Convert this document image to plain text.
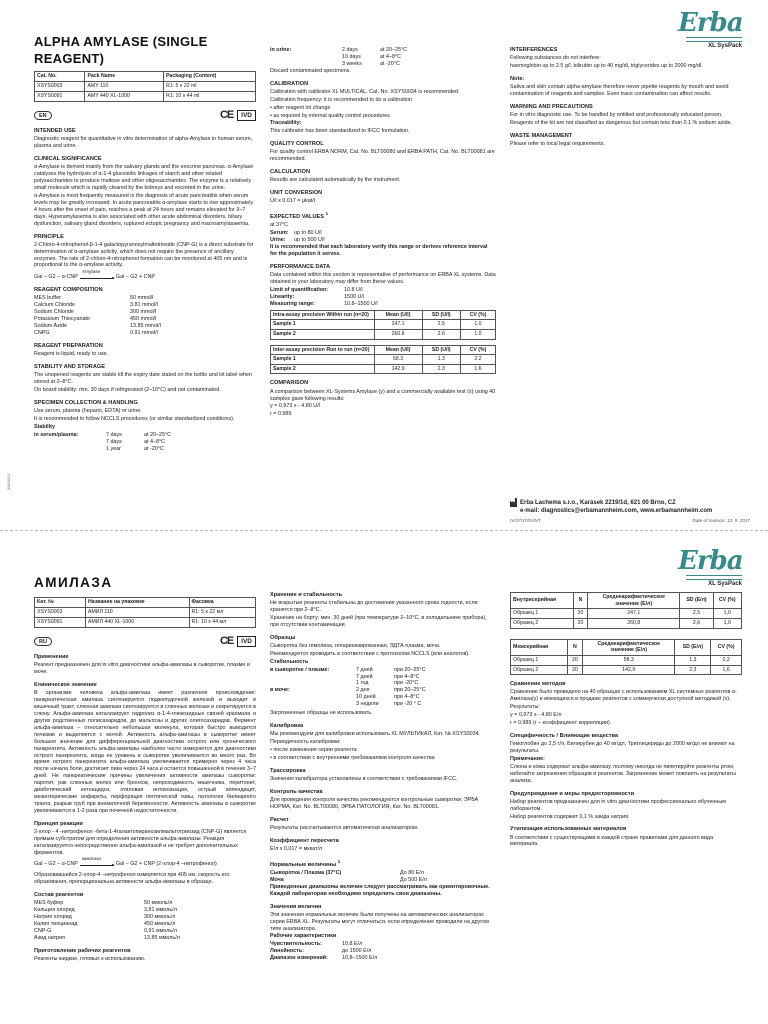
Erba
XL SysPack
ALPHA AMYLASE (SINGLE REAGENT)
Cat. No.	Pack Name	Packaging (Content)
XSYS0003	AMY 110	R1: 5 x 22 ml
XSYS0091	AMY 440 XL-1000	R1: 10 x 44 ml
EN	C E	IVD
INTENDED USE

Diagnostic reagent for quantitative in vitro determination of alpha-Amylase in human serum, plasma and urine.

CLINICAL SIGNIFICANCE

α-Amylase is derived mainly from the salivary glands and the exocrine pancreas. α-Amylase catalyses the hydrolysis of α-1-4 glucosidic linkages of starch and other related polysaccharides to produce maltose and other oligosaccharides. The enzyme is a relatively small molecule which is rapidly cleared by the kidneys and excreted in the urine.

α-Amylase is most frequently measured in the diagnosis of acute pancreatitis when serum levels may be greatly increased. In acute pancreatitis α-amylase starts to rise approximately 4 hours after the onset of pain, reaches a peak at 24 hours and remains elevated for 3–7 days. Hyperamylasemia is also associated with other acute abdominal disorders, biliary dysfunction, salivary gland disorders, ruptured ectopic pregnancy and macroamylasaemia.

PRINCIPLE

2-Chloro-4-nitrophenol-β-1-4 galactopyranosylmaltotrioside (CNP-G) is a direct substrate for determination of α-amylase activity, which does not require the presence of ancillary enzymes. The rate of 2-chloro-4-nitrophenol formation can be monitored at 405 nm and is proportional to the α-amylase activity.

Gal – G2 – α-CNP
Amylase
Gal – G2 + CNP
REAGENT COMPOSITION
MES buffer	50 mmol/l
Calcium Chloride	3.81 mmol/l
Sodium Chloride	300 mmol/l
Potassium Thiocyanate	450 mmol/l
Sodium Azide	13.85 mmol/l
CNPG	0.91 mmol/l
REAGENT PREPARATION

Reagent is liquid, ready to use.

STABILITY AND STORAGE

The unopened reagents are stable till the expiry date stated on the bottle and kit label when stored at 2–8°C.

On board stability: min. 30 days if refrigerated (2–10°C) and not contaminated.

SPECIMEN COLLECTION & HANDLING

Use serum, plasma (heparin, EDTA) or urine.

It is recommended to follow NCCLS procedures (or similar standardized conditions).

Stability

in serum/plasma:	7 days	at 20–25°C
7 days	at 4–8°C
1 year	at -20°C
in urine:	2 days	at 20–25°C
10 days	at 4–8°C
3 weeks	at -20°C

Discard contaminated specimens.

CALIBRATION

Calibration with calibrator XL MULTICAL, Cat. No. XSYS0034 is recommended.

Calibration frequency: it is recommended to do a calibration

• after reagent lot change

• as required by internal quality control procedures

Traceability:

This calibrator has been standardized to IFCC formulation.

QUALITY CONTROL

For quality control ERBA NORM, Cat. No. BLT00080 and ERBA PATH, Cat. No. BLT00081 are recommended.

CALCULATION

Results are calculated automatically by the instrument.

UNIT CONVERSION

U/l x 0.017 = µkat/l

EXPECTED VALUES $^1$

at 37°C

Serum:	up to 80 U/l
Urine:	up to 500 U/l

It is recommended that each laboratory verify this range or derives reference interval for the population it serves.

PERFORMANCE DATA

Data contained within this section is representative of performance on ERBA XL systems. Data obtained in your laboratory may differ from these values.

Limit of quantification:	10.8 U/l
Linearity:	1500 U/l
Measuring range:	10.8–1500 U/l
Intra-assay precision Within run (n=20)	Mean (U/l)	SD (U/l)	CV (%)
Sample 1	247.1	2.5	1.0
Sample 2	260.8	2.6	1.0
Inter-assay precision Run to run (n=20)	Mean (U/l)	SD (U/l)	CV (%)
Sample 1	58.3	1.3	2.2
Sample 2	142.9	2.3	1.6
COMPARISON

A comparison between XL-Systems Amylase (y) and a commercially available test (x) using 40 samples gave following results:

y = 0.973 x - 4.80 U/l

r = 0.989

INTERFERENCES

Following substances do not interfere:

haemoglobin up to 2.5 g/l, bilirubin up to 40 mg/dl, triglycerides up to 2000 mg/dl.

Note:

Saliva and skin contain alpha-amylase therefore never pipette reagents by mouth and avoid contamination of reagents and samples. Even trace contamination can affect results.

WARNING AND PRECAUTIONS

For in vitro diagnostic use. To be handled by entitled and professionally educated person.

Reagents of the kit are not classified as dangerous but contain less than 0.1 % sodium azide.

WASTE MANAGEMENT

Please refer to local legal requirements.

Erba Lachema s.r.o., Karásek 2219/1d, 621 00 Brno, CZ
e-mail: diagnostics@erbamannheim.com, www.erbamannheim.com
IV/17/17/G/INT	Date of revision: 13. 9. 2017
0003/002
Erba
XL SysPack
АМИЛАЗА
Кат. №	Название на упаковке	Фасовка
XSYS0003	АМИЛ 110	R1: 5 x 22 мл
XSYS0091	АМИЛ 440 XL-1000	R1: 10 x 44 мл
RU	C E	IVD
Применение

Реагент предназначен для in vitro диагностики альфа-амилазы в сыворотке, плазме и моче.

Клиническое значение

В организме человека альфа-амилаза имеет различное происхождение: панкреатическая амилаза синтезируется поджелудочной железой и выходит в кишечный тракт, слюнная амилаза синтезируется в слюнных железах и секретируется в слюну. Альфа-амилаза катализирует гидролиз α-1-4-глюкозидных связей крахмала и других родственных полисахаридов, до мальтозы и других олигосахаридов. Фермент альфа-амилаза – относительно небольшая молекула, которая быстро выводится почками и выделяется с мочой. Активность альфа-амилазы в сыворотке имеет большое значение для дифференциальной диагностики острого или хронического панкреатита. Активность альфа-амилазы наиболее часто измеряется для диагностики острого панкреатита, когда ее уровень в сыворотке увеличивается во много раз. Во время острого панкреатита альфа-амилаза увеличивается примерно через 4 часа после начала боли, достигает пика через 24 часа и остается повышенной в течение 3–7 дней. Не панкреатические причины увеличения активности амилазы сыворотки: паротит, рак слюнных желез или бронхов, непроходимость кишечника, перитонит, диабетический кетоацидоз, этиловая интоксикация, острый аппендицит, мезентерические инфаркты, перфорация пептической язвы, патология билиарного тракта, разрыв труб при внематочной беременности. Активность амилазы в сыворотке увеличивается в 1-2 раза при почечной недостаточности.

Принцип реакции

2-хлор - 4 -нитрофенол -бета-1-4галактопиранозилмальтотриозид (CNP-G) является прямым субстратом для определения активности альфа-амилазы. Реакция катализируется непосредственно альфа-амилазой и не требует дополнительных ферментов.

Gal – G2 – α-CNP
амилаза
Gal – G2 + CNP (2-хлор-4 –нитрофенол)

Образовавшийся 2-хлор-4 –нитрофенол измеряется при 405 нм, скорость его образования, пропорциональна активности альфа-амилазы в образце.

Состав реагентов
MES буфер	50 ммоль/л
Кальция хлорид	3,81 ммоль/л
Натрия хлорид	300 ммоль/л
Калия тиоцианад	450 ммоль/л
CNP-G	0,91 ммоль/л
Азид натрия	13,85 ммоль/л
Приготовление рабочих реагентов

Реагенты жидкие, готовых к использованию.

Хранение и стабильность

Не вскрытые реагенты стабильны до достижения указанного срока годности, если хранятся при 2–8°C.

Хранение на борту: мин. 30 дней (при температуре 2–10°C, в холодильнике прибора), при отсутствии контаминации.

Образцы

Сыворотка без гемолиза, гепаринизированная, ЭДТА плазма, моча.

Рекомендуется проводить в соответствии с протоколом NCCLS (или аналогов).

Стабильность

в сыворотке / плазме:	7 дней	при 20–25°C
7 дней	при 4–8°C
1 год	при -20°C
в моче:	2 дня	при 20–25°C
10 дней	при 4–8°C
3 недели	при -20 ° C

Загрязненные образцы не использовать.

Калибровка

Мы рекомендуем для калибровки использовать XL МУЛЬТИКАЛ, Кат. № XSYS0034.

Периодичность калибровки:

• после изменения серии реагента

• в соответствии с внутренними требованиями контроля качества

Трассировка

Значения калибратора установлены в соответствии с требованиями IFCC.

Контроль качества

Для проведения контроля качества рекомендуются контрольные сыворотки: ЭРБА НОРМА, Кат. No. BLT00080, ЭРБА ПАТОЛОГИЯ, Кат. No. BLT00081.

Расчет

Результаты рассчитываются автоматически анализатором.

Коэффициент пересчета

Е/л x 0,017 = мккат/л

Нормальные величины $^1$
Сыворотка / Плазма (37°C)	До 80 Е/л
Моча	До 500 Е/л

Приведенные диапазоны величин следует рассматривать как ориентировочные. Каждой лаборатории необходимо определить свои диапазоны.

Значения величин

Эти значения нормальных величин были получены на автоматических анализаторах серии ERBA XL. Результаты могут отличаться, если определение проводили на другом типе анализатора.

Рабочие характеристики

Чувствительность:	10,8 Е/л
Линейность:	до 1500 Е/л
Диапазон измерений:	10,8–1500 Е/л
Внутрисерийная	N	Среднеарифметическое значение (Е/л)	SD (Е/л)	CV (%)
Образец 1	20	247,1	2,5	1,0
Образец 2	20	260,8	2,6	1,0
Межсерийная	N	Среднеарифметическое значение (Е/л)	SD (Е/л)	CV (%)
Образец 1	20	58,3	1,3	2,2
Образец 2	20	142,9	2,3	1,6
Сравнение методов

Сравнение было проведено на 40 образцах с использованием XL системных реагентов α-Амилаза(y) и имеющихся в продаже реагентов с коммерчески доступной методикой (x).

Результаты:

y = 0,973 x - 4,80 Е/л

r = 0,989 (r – коэффициент корреляции)

Специфичность / Влияющие вещества

Гемоглобин до 2,5 г/л, Билирубин до 40 мг/дл, Триглицериды до 2000 мг/дл не влияют на результаты.

Примечание:

Слюна и кожа содержат альфа-амилазу, поэтому никогда не пипетируйте реагенты ртом, избегайте загрязнения образцов и реагентов. Загрязнение может повлиять на результаты анализа.

Предупреждения и меры предосторожности

Набор реагентов предназначен для in vitro диагностики профессионально обученным лаборантом.

Набор реагентов содержит 0,1 % азида натрия.

Утилизация использованных материалов

В соответствии с существующими в каждой стране правилами для данного вида материала.
